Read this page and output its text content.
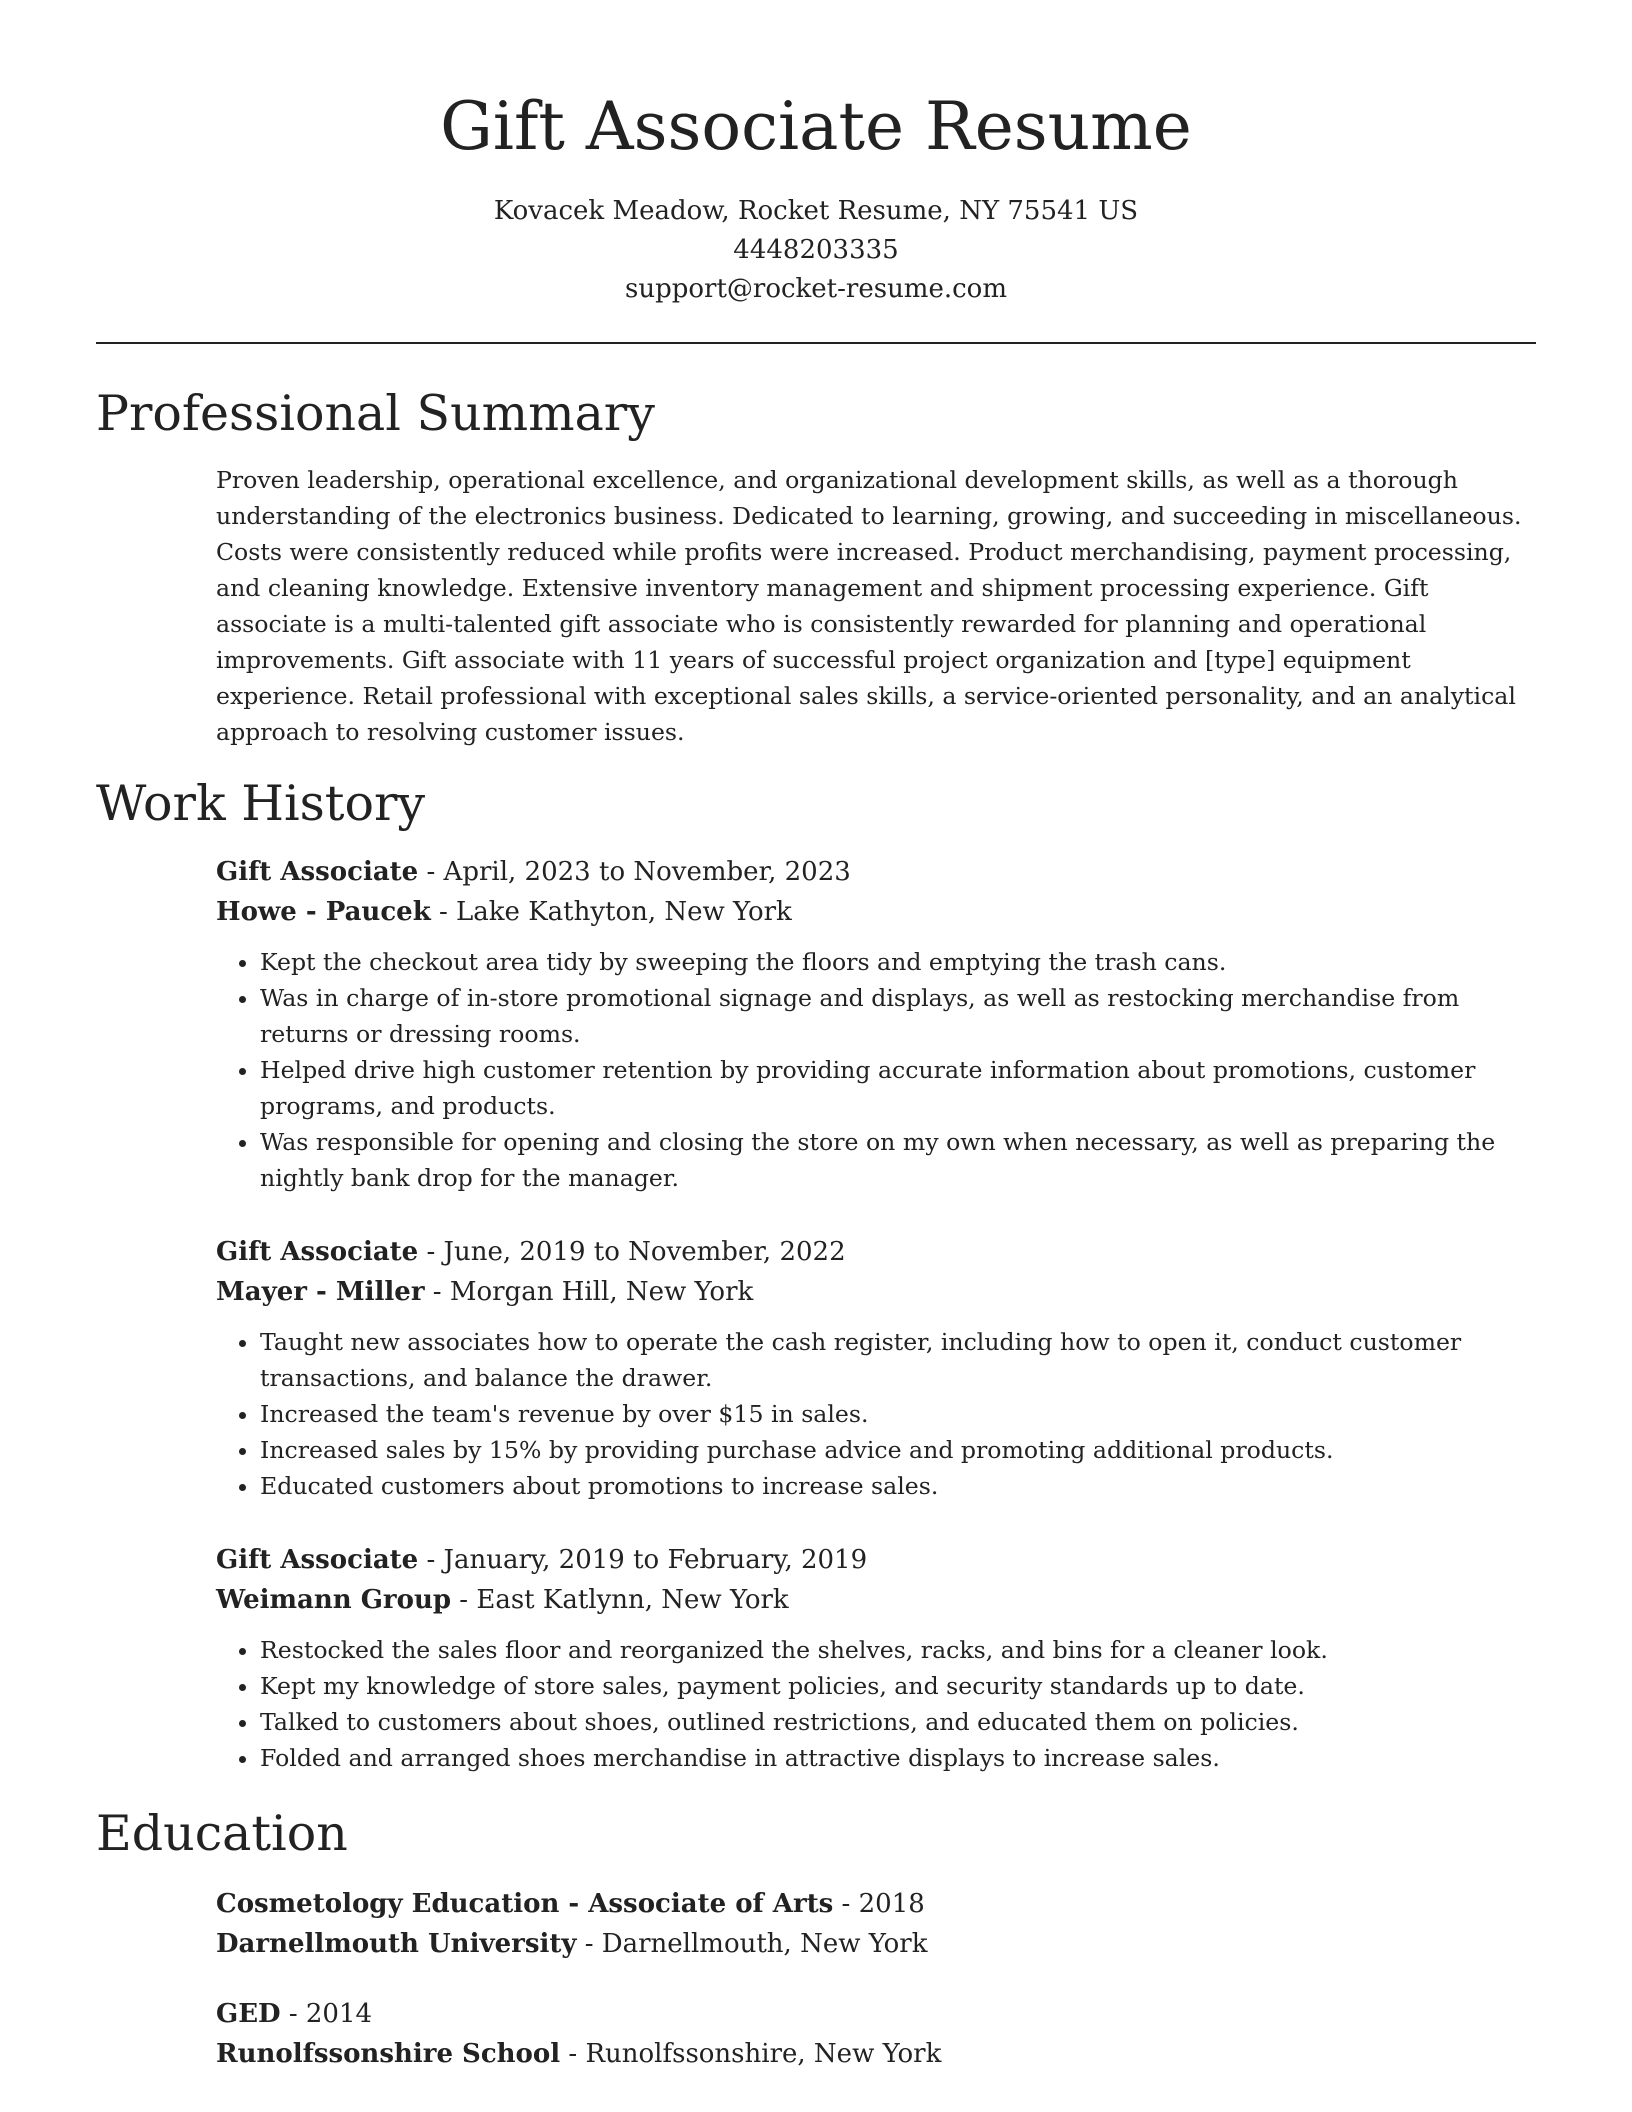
Gift Associate Resume
Kovacek Meadow, Rocket Resume, NY 75541 US
4448203335
support@rocket-resume.com
Professional Summary

Proven leadership, operational excellence, and organizational development skills, as well as a thorough understanding of the electronics business. Dedicated to learning, growing, and succeeding in miscellaneous. Costs were consistently reduced while profits were increased. Product merchandising, payment processing, and cleaning knowledge. Extensive inventory management and shipment processing experience. Gift associate is a multi-talented gift associate who is consistently rewarded for planning and operational improvements. Gift associate with 11 years of successful project organization and [type] equipment experience. Retail professional with exceptional sales skills, a service-oriented personality, and an analytical approach to resolving customer issues.

Work History
Gift Associate - April, 2023 to November, 2023
Howe - Paucek - Lake Kathyton, New York
• Kept the checkout area tidy by sweeping the floors and emptying the trash cans.
• Was in charge of in-store promotional signage and displays, as well as restocking merchandise from returns or dressing rooms.
• Helped drive high customer retention by providing accurate information about promotions, customer programs, and products.
• Was responsible for opening and closing the store on my own when necessary, as well as preparing the nightly bank drop for the manager.
Gift Associate - June, 2019 to November, 2022
Mayer - Miller - Morgan Hill, New York
• Taught new associates how to operate the cash register, including how to open it, conduct customer transactions, and balance the drawer.
• Increased the team's revenue by over $15 in sales.
• Increased sales by 15% by providing purchase advice and promoting additional products.
• Educated customers about promotions to increase sales.
Gift Associate - January, 2019 to February, 2019
Weimann Group - East Katlynn, New York
• Restocked the sales floor and reorganized the shelves, racks, and bins for a cleaner look.
• Kept my knowledge of store sales, payment policies, and security standards up to date.
• Talked to customers about shoes, outlined restrictions, and educated them on policies.
• Folded and arranged shoes merchandise in attractive displays to increase sales.
Education
Cosmetology Education - Associate of Arts - 2018
Darnellmouth University - Darnellmouth, New York
GED - 2014
Runolfssonshire School - Runolfssonshire, New York
